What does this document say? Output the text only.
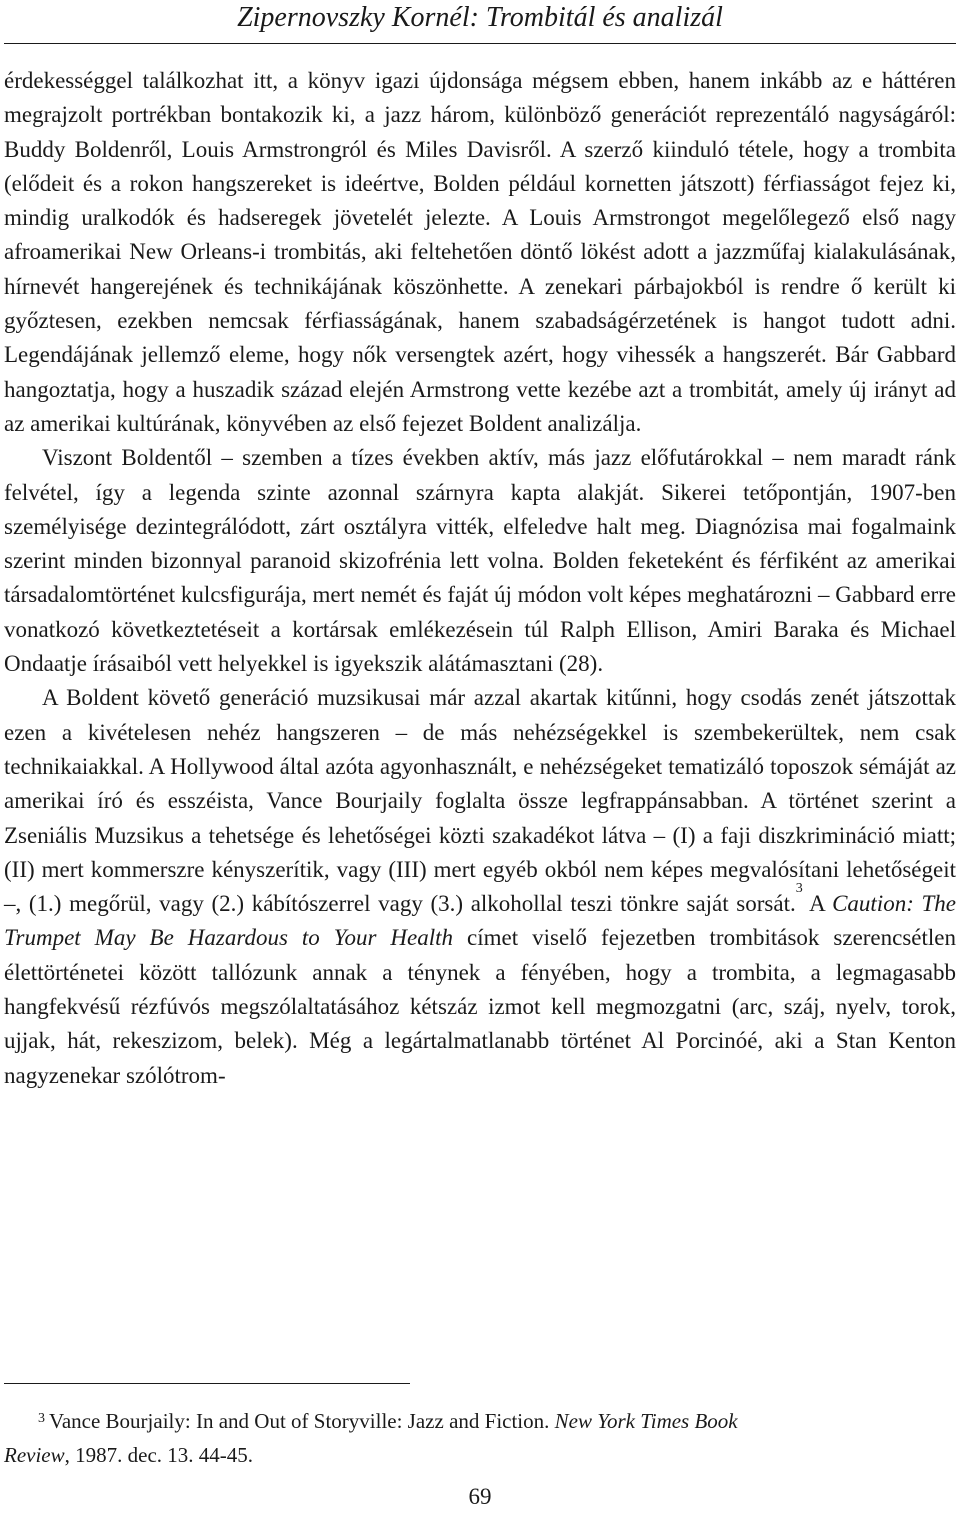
Zipernovszky Kornél: Trombitál és analizál

érdekességgel találkozhat itt, a könyv igazi újdonsága mégsem ebben, hanem inkább az e háttéren megrajzolt portrékban bontakozik ki, a jazz három, különböző generációt reprezentáló nagyságáról: Buddy Boldenről, Louis Armstrongról és Miles Davisről. A szerző kiinduló tétele, hogy a trombita (elődeit és a rokon hangszereket is ideértve, Bolden például kornetten játszott) férfiasságot fejez ki, mindig uralkodók és hadseregek jövetelét jelezte. A Louis Armstrongot megelőlegező első nagy afroamerikai New Orleans-i trombitás, aki feltehetően döntő lökést adott a jazzműfaj kialakulásának, hírnevét hangerejének és technikájának köszönhette. A zenekari párbajokból is rendre ő került ki győztesen, ezekben nemcsak férfiasságának, hanem szabadságérzetének is hangot tudott adni. Legendájának jellemző eleme, hogy nők versengtek azért, hogy vihessék a hangszerét. Bár Gabbard hangoztatja, hogy a huszadik század elején Armstrong vette kezébe azt a trombitát, amely új irányt ad az amerikai kultúrának, könyvében az első fejezet Boldent analizálja.

Viszont Boldentől – szemben a tízes években aktív, más jazz előfutárokkal – nem maradt ránk felvétel, így a legenda szinte azonnal szárnyra kapta alakját. Sikerei tetőpontján, 1907-ben személyisége dezintegrálódott, zárt osztályra vitték, elfeledve halt meg. Diagnózisa mai fogalmaink szerint minden bizonnyal paranoid skizofrénia lett volna. Bolden feketeként és férfiként az amerikai társadalomtörténet kulcsfigurája, mert nemét és faját új módon volt képes meghatározni – Gabbard erre vonatkozó következtetéseit a kortársak emlékezésein túl Ralph Ellison, Amiri Baraka és Michael Ondaatje írásaiból vett helyekkel is igyekszik alátámasztani (28).

A Boldent követő generáció muzsikusai már azzal akartak kitűnni, hogy csodás zenét játszottak ezen a kivételesen nehéz hangszeren – de más nehézségekkel is szembekerültek, nem csak technikaiakkal. A Hollywood által azóta agyonhasznált, e nehézségeket tematizáló toposzok sémáját az amerikai író és esszéista, Vance Bourjaily foglalta össze legfrappánsabban. A történet szerint a Zseniális Muzsikus a tehetsége és lehetőségei közti szakadékot látva – (I) a faji diszkrimináció miatt; (II) mert kommerszre kényszerítik, vagy (III) mert egyéb okból nem képes megvalósítani lehetőségeit –, (1.) megőrül, vagy (2.) kábítószerrel vagy (3.) alkohollal teszi tönkre saját sorsát.$^3$ A Caution: The Trumpet May Be Hazardous to Your Health címet viselő fejezetben trombitások szerencsétlen élettörténetei között tallózunk annak a ténynek a fényében, hogy a trombita, a legmagasabb hangfekvésű rézfúvós megszólaltatásához kétszáz izmot kell megmozgatni (arc, száj, nyelv, torok, ujjak, hát, rekeszizom, belek). Még a legártalmatlanabb történet Al Porcinóé, aki a Stan Kenton nagyzenekar szólótrom-

$^3$ Vance Bourjaily: In and Out of Storyville: Jazz and Fiction. New York Times Book
Review, 1987. dec. 13. 44-45.
69
